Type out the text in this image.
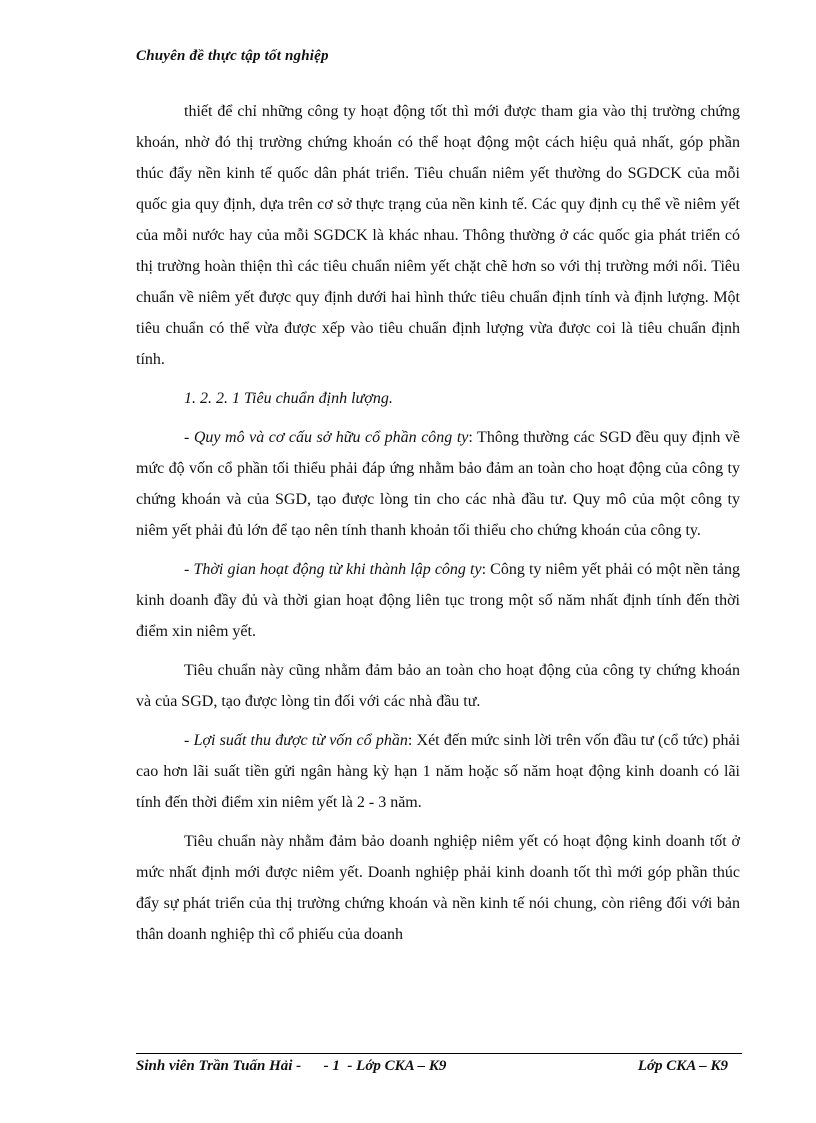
Chuyên đề thực tập tốt nghiệp

thiết để chỉ những công ty hoạt động tốt thì mới được tham gia vào thị trường chứng khoán, nhờ đó thị trường chứng khoán có thể hoạt động một cách hiệu quả nhất, góp phần thúc đẩy nền kinh tế quốc dân phát triển. Tiêu chuẩn niêm yết thường do SGDCK của mỗi quốc gia quy định, dựa trên cơ sở thực trạng của nền kinh tế. Các quy định cụ thể về niêm yết của mỗi nước hay của mỗi SGDCK là khác nhau. Thông thường ở các quốc gia phát triển có thị trường hoàn thiện thì các tiêu chuẩn niêm yết chặt chẽ hơn so với thị trường mới nổi. Tiêu chuẩn về niêm yết được quy định dưới hai hình thức tiêu chuẩn định tính và định lượng. Một tiêu chuẩn có thể vừa được xếp vào tiêu chuẩn định lượng vừa được coi là tiêu chuẩn định tính.

1. 2. 2. 1 Tiêu chuẩn định lượng.

- Quy mô và cơ cấu sở hữu cổ phần công ty: Thông thường các SGD đều quy định về mức độ vốn cổ phần tối thiểu phải đáp ứng nhằm bảo đảm an toàn cho hoạt động của công ty chứng khoán và của SGD, tạo được lòng tin cho các nhà đầu tư. Quy mô của một công ty niêm yết phải đủ lớn để tạo nên tính thanh khoản tối thiểu cho chứng khoán của công ty.

- Thời gian hoạt động từ khi thành lập công ty: Công ty niêm yết phải có một nền tảng kinh doanh đầy đủ và thời gian hoạt động liên tục trong một số năm nhất định tính đến thời điểm xin niêm yết.

Tiêu chuẩn này cũng nhằm đảm bảo an toàn cho hoạt động của công ty chứng khoán và của SGD, tạo được lòng tin đối với các nhà đầu tư.

- Lợi suất thu được từ vốn cổ phần: Xét đến mức sinh lời trên vốn đầu tư (cổ tức) phải cao hơn lãi suất tiền gửi ngân hàng kỳ hạn 1 năm hoặc số năm hoạt động kinh doanh có lãi tính đến thời điểm xin niêm yết là 2 - 3 năm.

Tiêu chuẩn này nhằm đảm bảo doanh nghiệp niêm yết có hoạt động kinh doanh tốt ở mức nhất định mới được niêm yết. Doanh nghiệp phải kinh doanh tốt thì mới góp phần thúc đẩy sự phát triển của thị trường chứng khoán và nền kinh tế nói chung, còn riêng đối với bản thân doanh nghiệp thì cổ phiếu của doanh

Sinh viên Trần Tuấn Hải -      - 1  - Lớp CKA – K9	Lớp CKA – K9
